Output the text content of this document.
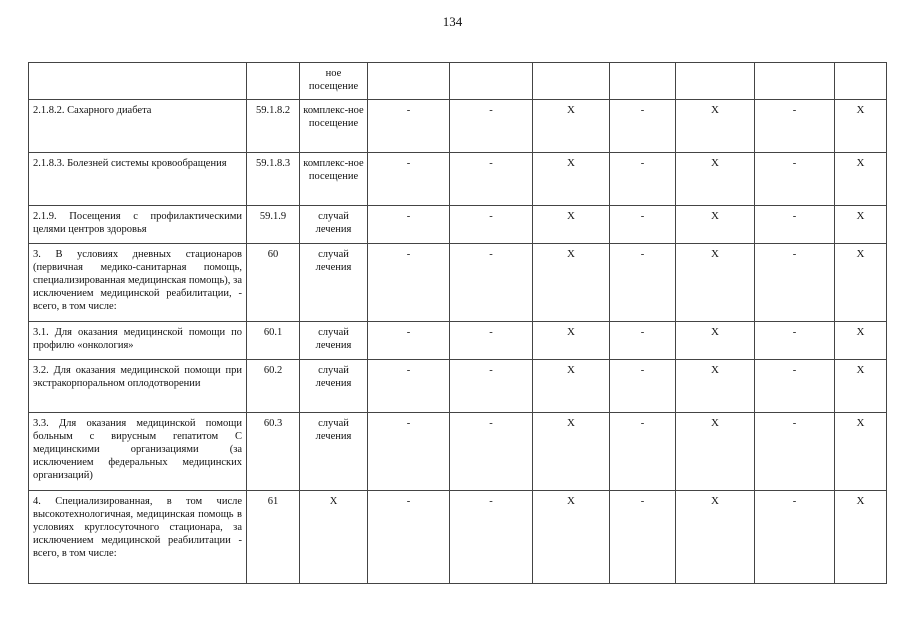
134
		ное посещение							
2.1.8.2. Сахарного диабета	59.1.8.2	комплекс-ное посещение	-	-	Х	-	Х	-	Х
2.1.8.3. Болезней системы кровообращения	59.1.8.3	комплекс-ное посещение	-	-	Х	-	Х	-	Х
2.1.9. Посещения с профилактическими целями центров здоровья	59.1.9	случай лечения	-	-	Х	-	Х	-	Х
3. В условиях дневных стационаров (первичная медико-санитарная помощь, специализированная медицинская помощь), за исключением медицинской реабилитации, - всего, в том числе:	60	случай лечения	-	-	Х	-	Х	-	Х
3.1. Для оказания медицинской помощи по профилю «онкология»	60.1	случай лечения	-	-	Х	-	Х	-	Х
3.2. Для оказания медицинской помощи при экстракорпоральном оплодотворении	60.2	случай лечения	-	-	Х	-	Х	-	Х
3.3. Для оказания медицинской помощи больным с вирусным гепатитом С медицинскими организациями (за исключением федеральных медицинских организаций)	60.3	случай лечения	-	-	Х	-	Х	-	Х
4. Специализированная, в том числе высокотехнологичная, медицинская помощь в условиях круглосуточного стационара, за исключением медицинской реабилитации - всего, в том числе:	61	Х	-	-	Х	-	Х	-	Х
